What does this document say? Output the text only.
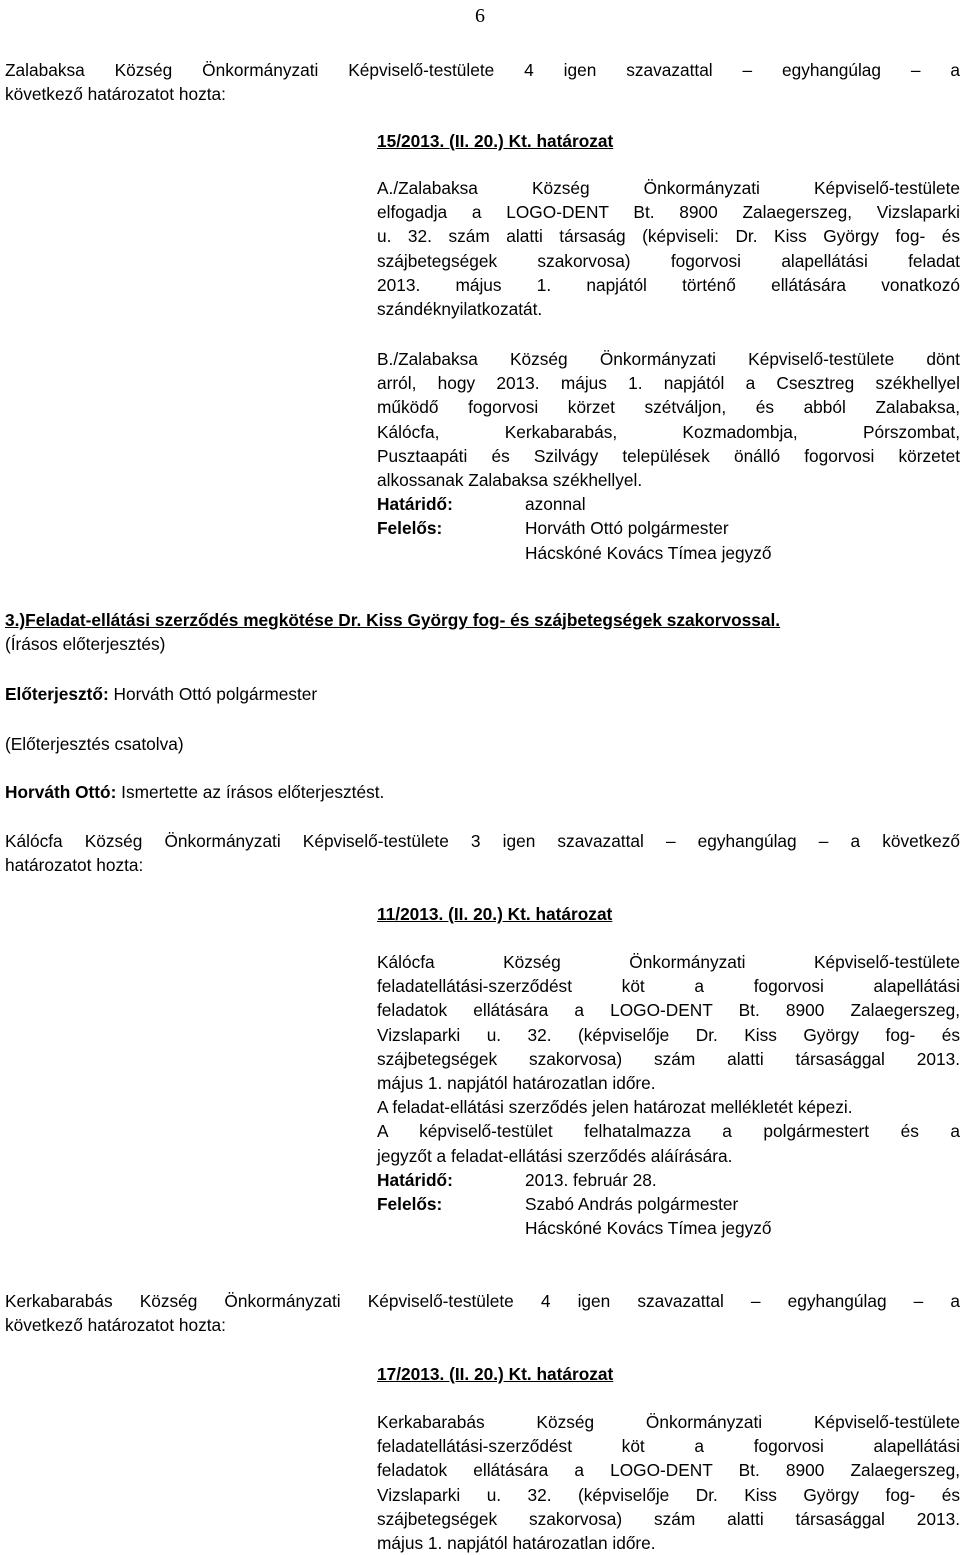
6
Zalabaksa Község Önkormányzati Képviselő-testülete 4 igen szavazattal – egyhangúlag – a
következő határozatot hozta:
15/2013. (II. 20.) Kt. határozat
A./Zalabaksa Község Önkormányzati Képviselő-testülete
elfogadja a LOGO-DENT Bt. 8900 Zalaegerszeg, Vizslaparki
u. 32. szám alatti társaság (képviseli: Dr. Kiss György fog- és
szájbetegségek szakorvosa) fogorvosi alapellátási feladat
2013. május 1. napjától történő ellátására vonatkozó
szándéknyilatkozatát.
B./Zalabaksa Község Önkormányzati Képviselő-testülete dönt
arról, hogy 2013. május 1. napjától a Csesztreg székhellyel
működő fogorvosi körzet szétváljon, és abból Zalabaksa,
Kálócfa, Kerkabarabás, Kozmadombja, Pórszombat,
Pusztaapáti és Szilvágy települések önálló fogorvosi körzetet
alkossanak Zalabaksa székhellyel.
Határidő:	azonnal
Felelős:	Horváth Ottó polgármester
Hácskóné Kovács Tímea jegyző
3.)Feladat-ellátási szerződés megkötése Dr. Kiss György fog- és szájbetegségek szakorvossal.
(Írásos előterjesztés)
Előterjesztő: Horváth Ottó polgármester
(Előterjesztés csatolva)
Horváth Ottó: Ismertette az írásos előterjesztést.
Kálócfa Község Önkormányzati Képviselő-testülete 3 igen szavazattal – egyhangúlag – a következő
határozatot hozta:
11/2013. (II. 20.) Kt. határozat
Kálócfa Község Önkormányzati Képviselő-testülete
feladatellátási-szerződést köt a fogorvosi alapellátási
feladatok ellátására a LOGO-DENT Bt. 8900 Zalaegerszeg,
Vizslaparki u. 32. (képviselője Dr. Kiss György fog- és
szájbetegségek szakorvosa) szám alatti társasággal 2013.
május 1. napjától határozatlan időre.
A feladat-ellátási szerződés jelen határozat mellékletét képezi.
A képviselő-testület felhatalmazza a polgármestert és a
jegyzőt a feladat-ellátási szerződés aláírására.
Határidő:	2013. február 28.
Felelős:	Szabó András polgármester
Hácskóné Kovács Tímea jegyző
Kerkabarabás Község Önkormányzati Képviselő-testülete 4 igen szavazattal – egyhangúlag – a
következő határozatot hozta:
17/2013. (II. 20.) Kt. határozat
Kerkabarabás Község Önkormányzati Képviselő-testülete
feladatellátási-szerződést köt a fogorvosi alapellátási
feladatok ellátására a LOGO-DENT Bt. 8900 Zalaegerszeg,
Vizslaparki u. 32. (képviselője Dr. Kiss György fog- és
szájbetegségek szakorvosa) szám alatti társasággal 2013.
május 1. napjától határozatlan időre.
